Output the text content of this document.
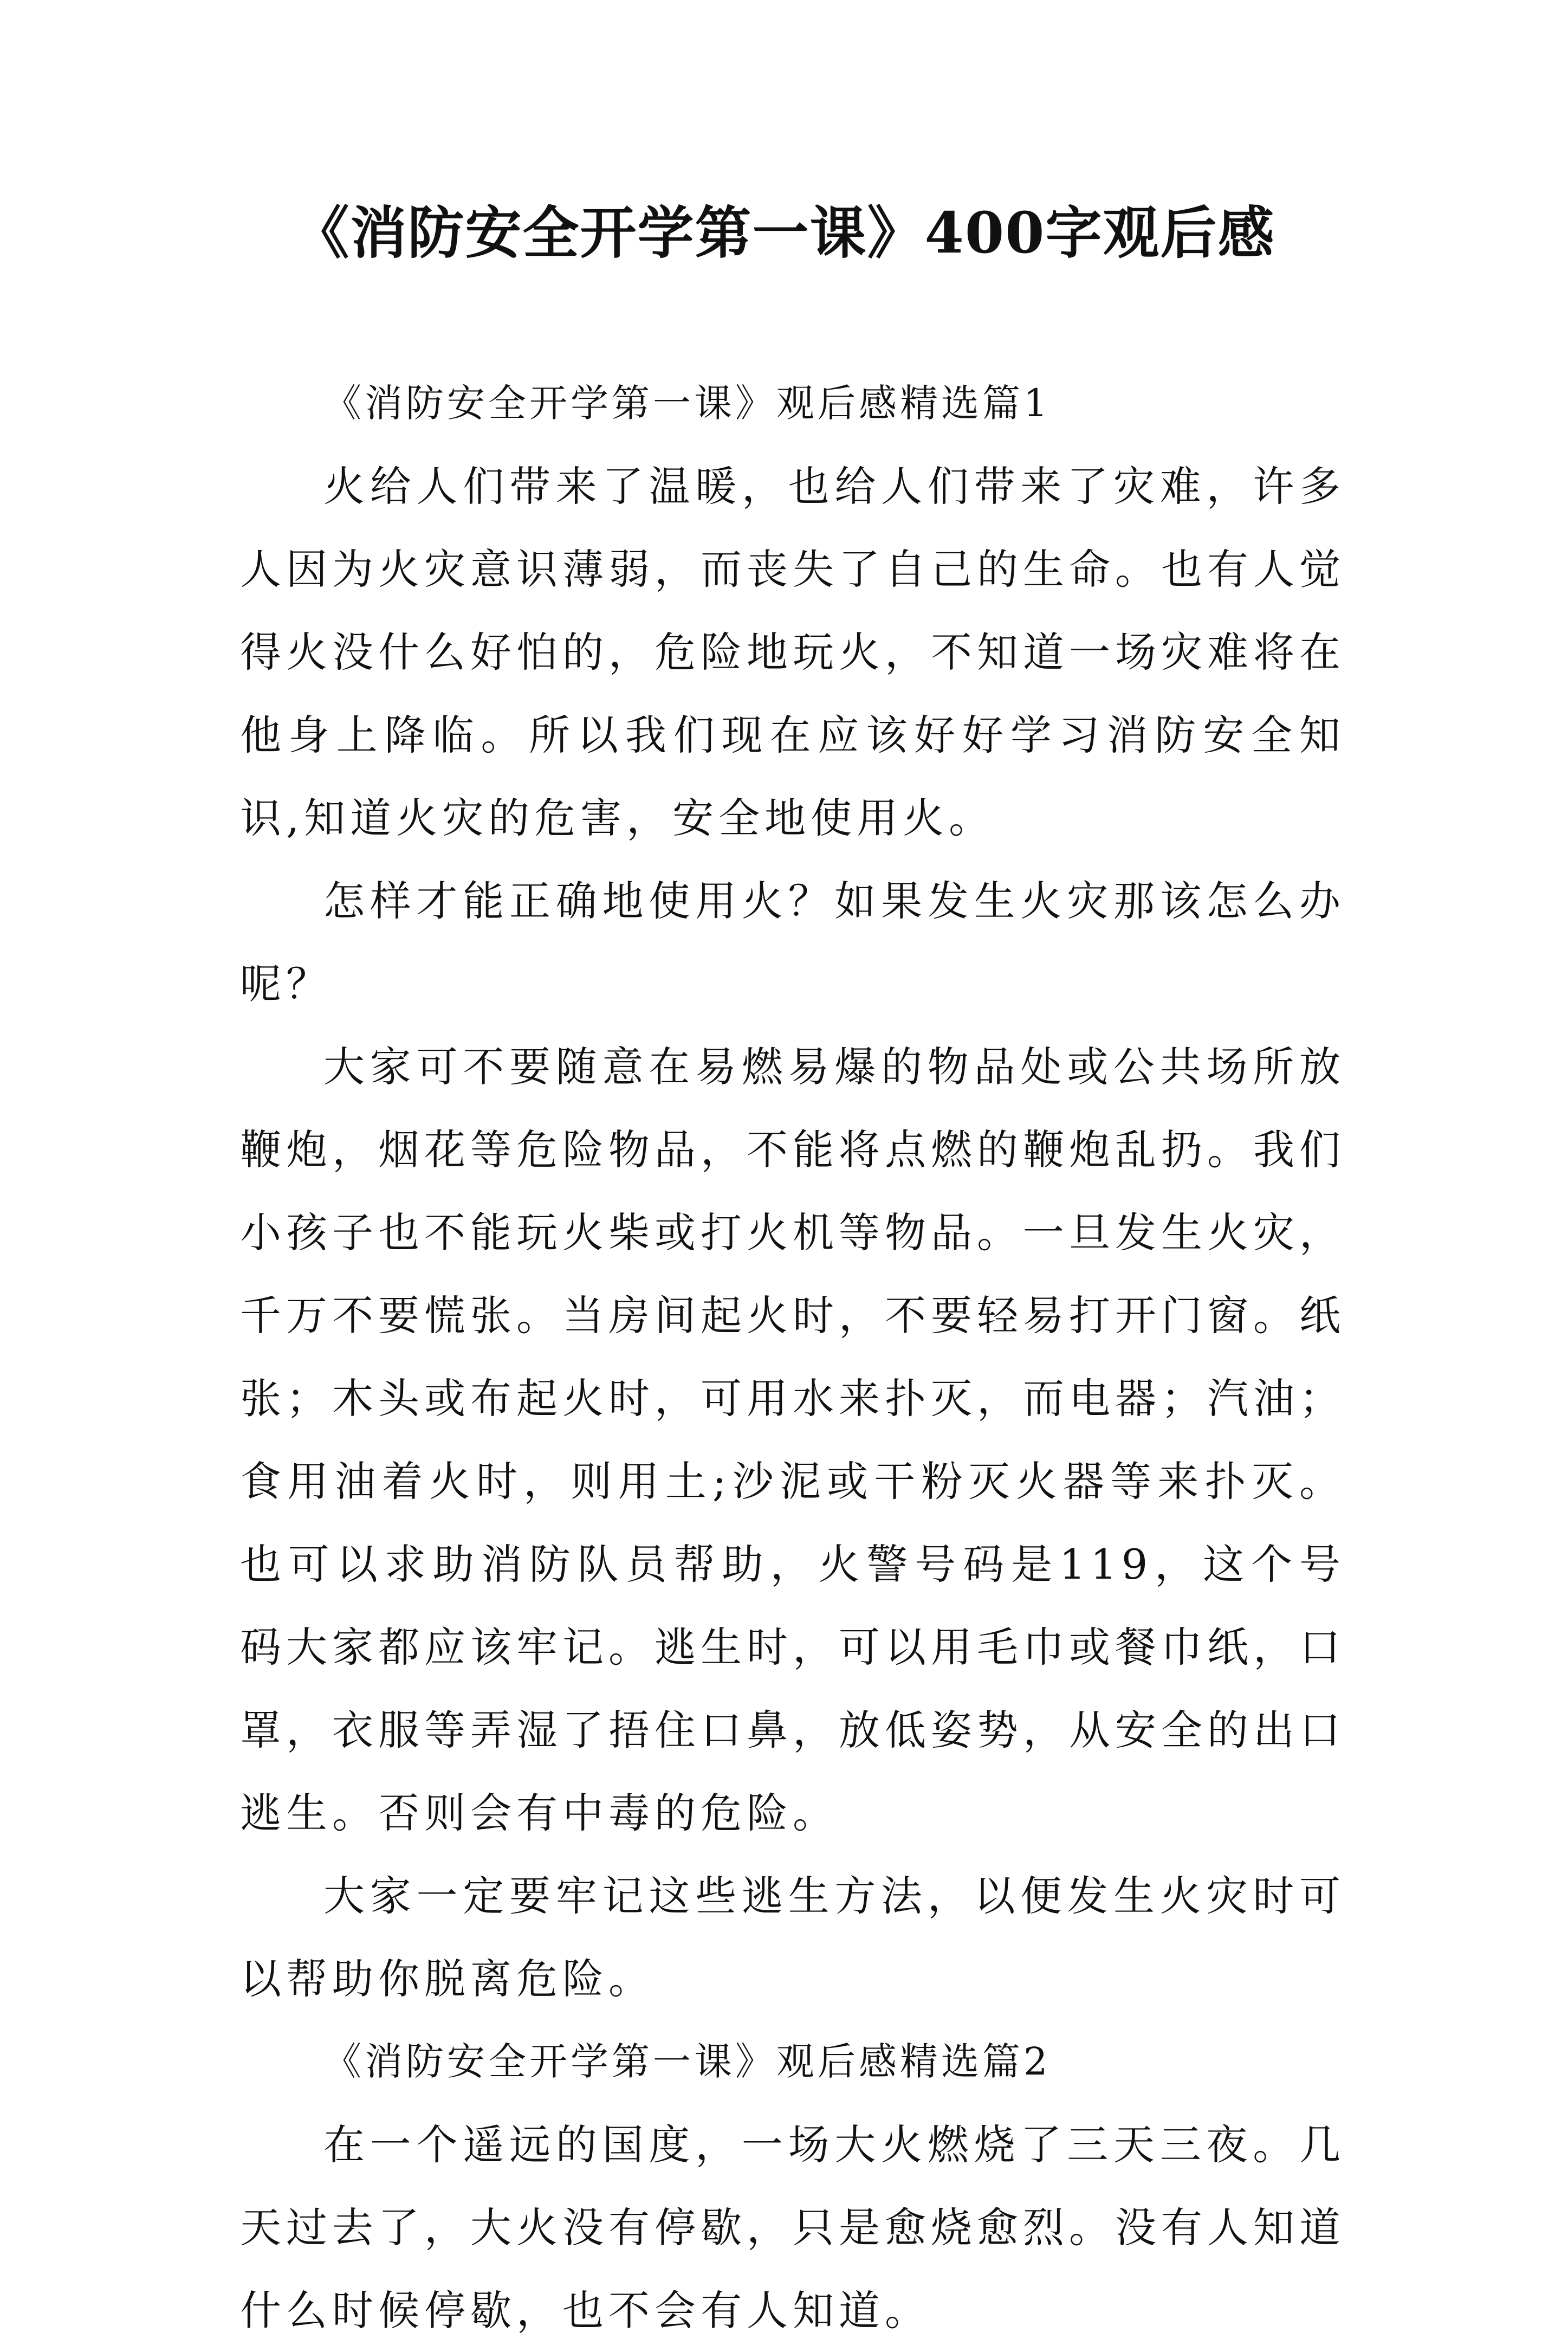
《消防安全开学第一课》400字观后感

《消防安全开学第一课》观后感精选篇1

火给人们带来了温暖，也给人们带来了灾难，许多人因为火灾意识薄弱，而丧失了自己的生命。也有人觉得火没什么好怕的，危险地玩火，不知道一场灾难将在他身上降临。所以我们现在应该好好学习消防安全知识,知道火灾的危害，安全地使用火。

怎样才能正确地使用火？如果发生火灾那该怎么办呢？

大家可不要随意在易燃易爆的物品处或公共场所放鞭炮，烟花等危险物品，不能将点燃的鞭炮乱扔。我们小孩子也不能玩火柴或打火机等物品。一旦发生火灾，千万不要慌张。当房间起火时，不要轻易打开门窗。纸张；木头或布起火时，可用水来扑灭，而电器；汽油；食用油着火时，则用土;沙泥或干粉灭火器等来扑灭。也可以求助消防队员帮助，火警号码是119，这个号码大家都应该牢记。逃生时，可以用毛巾或餐巾纸，口罩，衣服等弄湿了捂住口鼻，放低姿势，从安全的出口逃生。否则会有中毒的危险。

大家一定要牢记这些逃生方法，以便发生火灾时可以帮助你脱离危险。

《消防安全开学第一课》观后感精选篇2

在一个遥远的国度，一场大火燃烧了三天三夜。几天过去了，大火没有停歇，只是愈烧愈烈。没有人知道什么时候停歇，也不会有人知道。
